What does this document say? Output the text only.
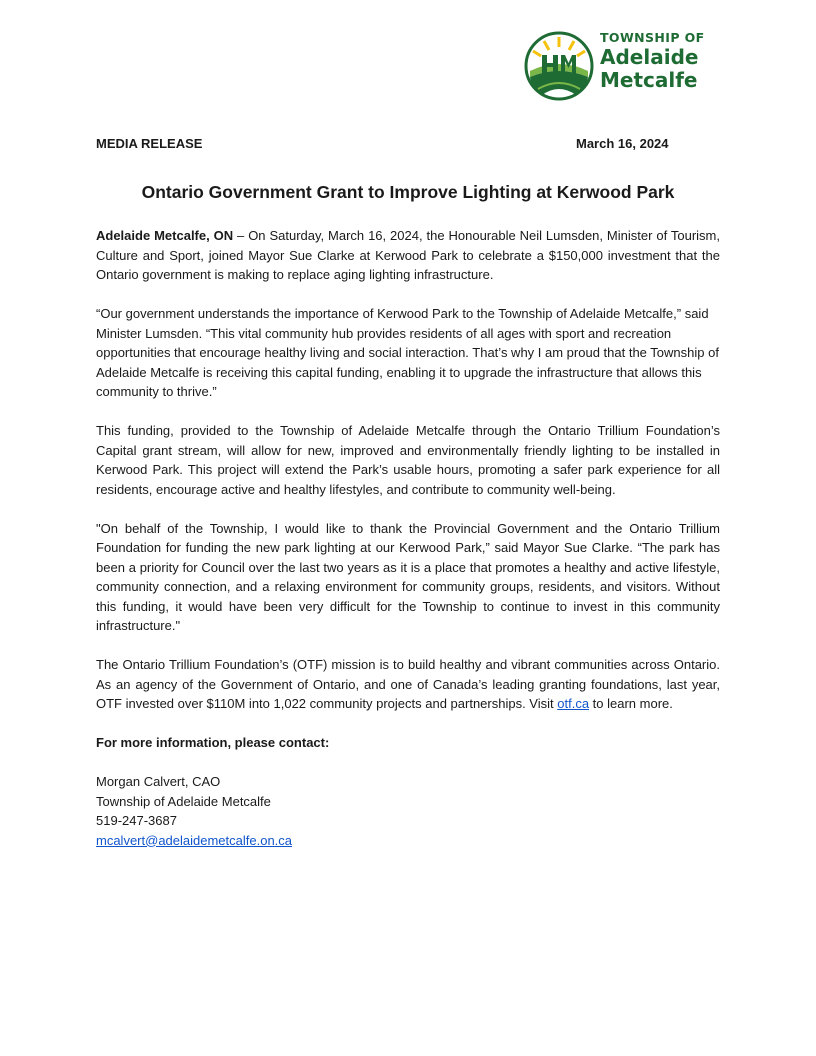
TOWNSHIP OF
Adelaide
Metcalfe
MEDIA RELEASE	March 16, 2024
Ontario Government Grant to Improve Lighting at Kerwood Park

Adelaide Metcalfe, ON – On Saturday, March 16, 2024, the Honourable Neil Lumsden, Minister of Tourism, Culture and Sport, joined Mayor Sue Clarke at Kerwood Park to celebrate a $150,000 investment that the Ontario government is making to replace aging lighting infrastructure.

“Our government understands the importance of Kerwood Park to the Township of Adelaide Metcalfe,” said Minister Lumsden. “This vital community hub provides residents of all ages with sport and recreation opportunities that encourage healthy living and social interaction. That’s why I am proud that the Township of Adelaide Metcalfe is receiving this capital funding, enabling it to upgrade the infrastructure that allows this community to thrive.”

This funding, provided to the Township of Adelaide Metcalfe through the Ontario Trillium Foundation’s Capital grant stream, will allow for new, improved and environmentally friendly lighting to be installed in Kerwood Park. This project will extend the Park’s usable hours, promoting a safer park experience for all residents, encourage active and healthy lifestyles, and contribute to community well-being.

"On behalf of the Township, I would like to thank the Provincial Government and the Ontario Trillium Foundation for funding the new park lighting at our Kerwood Park,” said Mayor Sue Clarke. “The park has been a priority for Council over the last two years as it is a place that promotes a healthy and active lifestyle, community connection, and a relaxing environment for community groups, residents, and visitors. Without this funding, it would have been very difficult for the Township to continue to invest in this community infrastructure."

The Ontario Trillium Foundation’s (OTF) mission is to build healthy and vibrant communities across Ontario. As an agency of the Government of Ontario, and one of Canada’s leading granting foundations, last year, OTF invested over $110M into 1,022 community projects and partnerships. Visit otf.ca to learn more.

For more information, please contact:

Morgan Calvert, CAO
Township of Adelaide Metcalfe
519-247-3687
mcalvert@adelaidemetcalfe.on.ca
